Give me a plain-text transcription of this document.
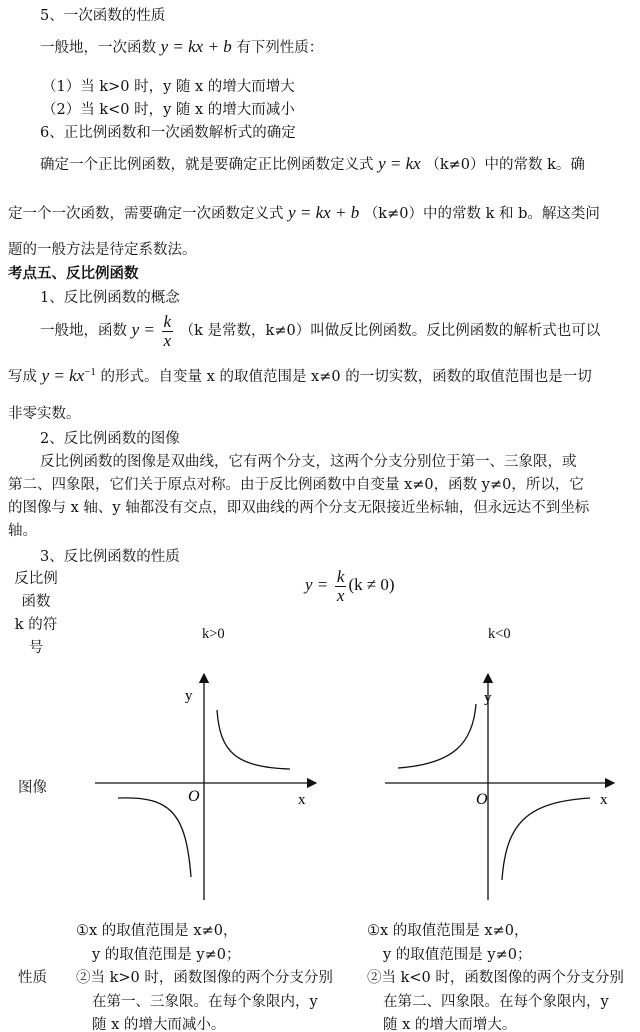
5、一次函数的性质
一般地，一次函数 y = kx + b 有下列性质：
（1）当 k>0 时，y 随 x 的增大而增大
（2）当 k<0 时，y 随 x 的增大而减小
6、正比例函数和一次函数解析式的确定
确定一个正比例函数，就是要确定正比例函数定义式 y = kx （k≠0）中的常数 k。确
定一个一次函数，需要确定一次函数定义式 y = kx + b （k≠0）中的常数 k 和 b。解这类问
题的一般方法是待定系数法。
考点五、反比例函数
1、反比例函数的概念
一般地，函数 $y = \frac{k}{x} (k$ 是常数，k≠0）叫做反比例函数。反比例函数的解析式也可以
写成 $y = kx^{-1}$ 的形式。自变量 x 的取值范围是 x≠0 的一切实数，函数的取值范围也是一切
非零实数。
2、反比例函数的图像
反比例函数的图像是双曲线，它有两个分支，这两个分支分别位于第一、三象限，或
第二、四象限，它们关于原点对称。由于反比例函数中自变量 x≠0，函数 y≠0，所以，它
的图像与 x 轴、y 轴都没有交点，即双曲线的两个分支无限接近坐标轴，但永远达不到坐标
轴。
3、反比例函数的性质
反比例
函数
k 的符
号
$y = \frac{k}{x} (k \ne 0)$
k>0	k<0
图像
y
x
O
y
x
O
性质
①x 的取值范围是 x≠0，
y 的取值范围是 y≠0；
②当 k>0 时，函数图像的两个分支分别
在第一、三象限。在每个象限内，y
随 x 的增大而减小。
①x 的取值范围是 x≠0，
y 的取值范围是 y≠0；
②当 k<0 时，函数图像的两个分支分别
在第二、四象限。在每个象限内，y
随 x 的增大而增大。
